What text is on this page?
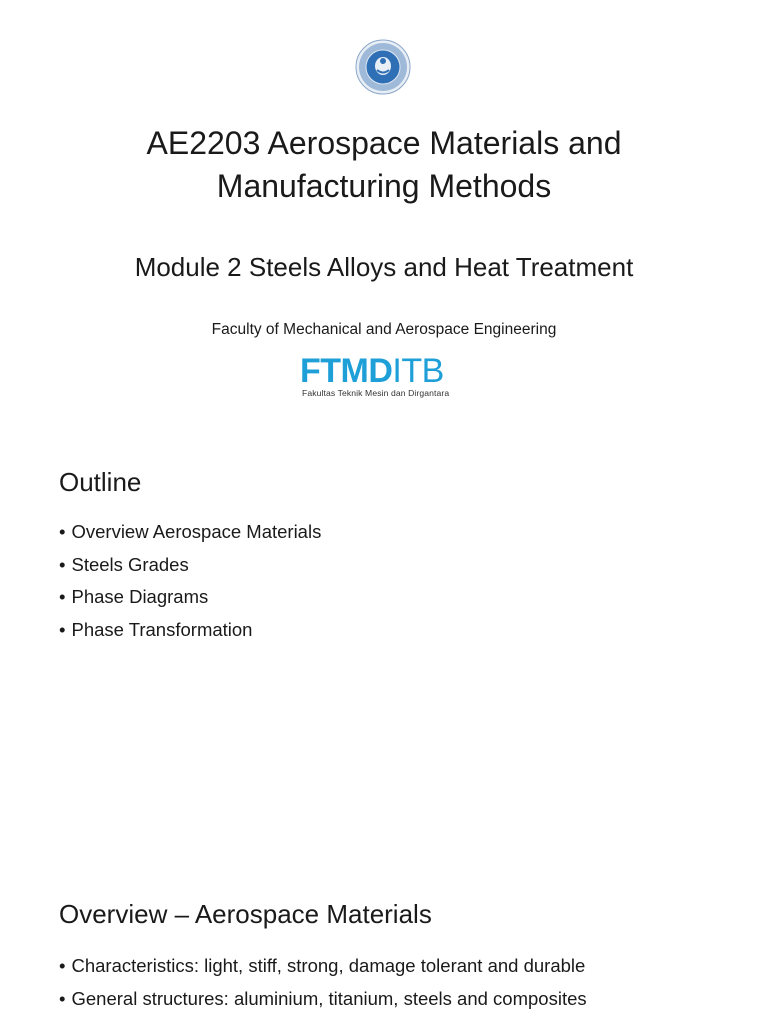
AE2203 Aerospace Materials and
Manufacturing Methods
Module 2 Steels Alloys and Heat Treatment
Faculty of Mechanical and Aerospace Engineering
FTMDITB
Fakultas Teknik Mesin dan Dirgantara
Outline
• Overview Aerospace Materials
• Steels Grades
• Phase Diagrams
• Phase Transformation
Overview – Aerospace Materials
• Characteristics: light, stiff, strong, damage tolerant and durable
• General structures: aluminium, titanium, steels and composites
